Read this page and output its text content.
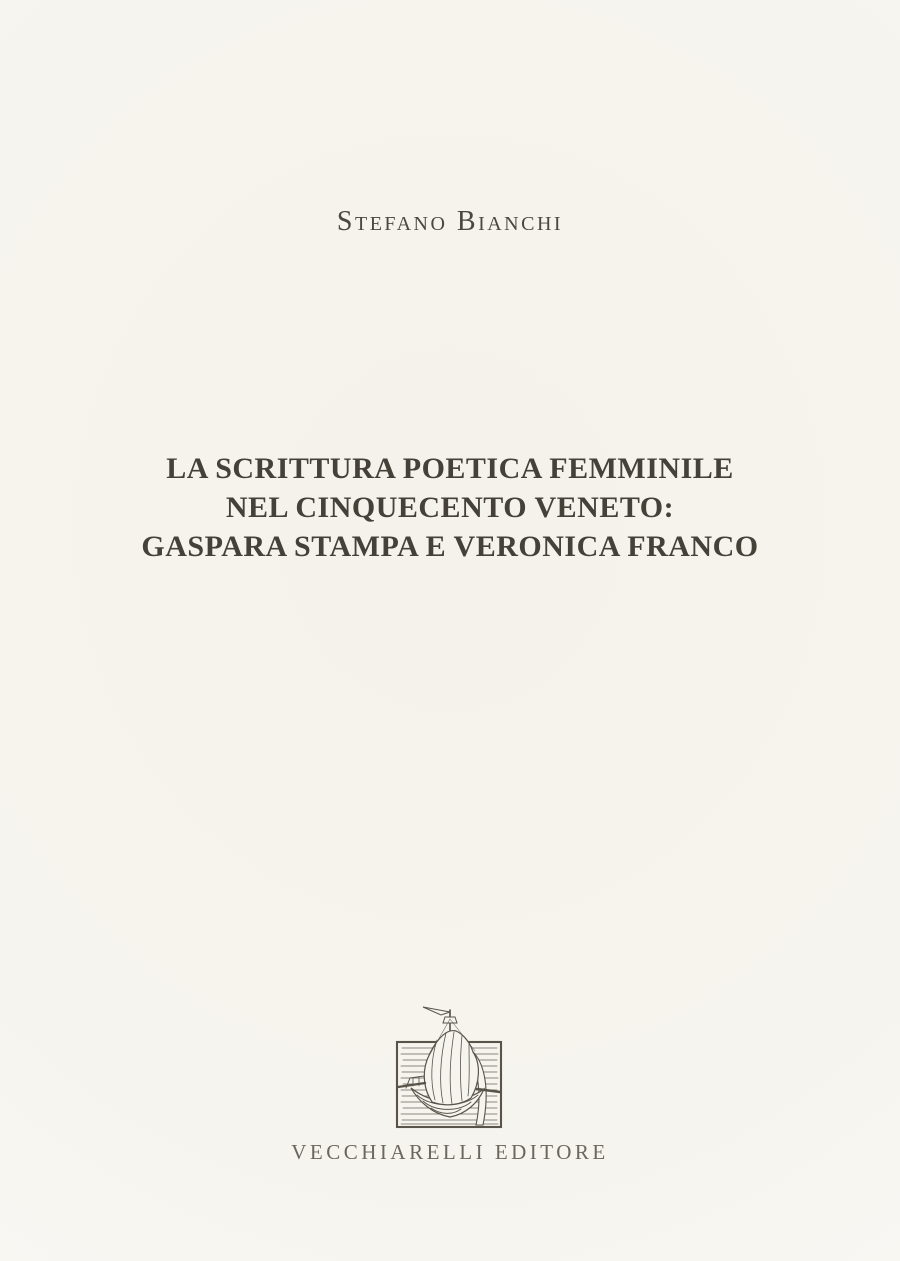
Stefano Bianchi
LA SCRITTURA POETICA FEMMINILE
NEL CINQUECENTO VENETO:
GASPARA STAMPA E VERONICA FRANCO
VECCHIARELLI EDITORE
